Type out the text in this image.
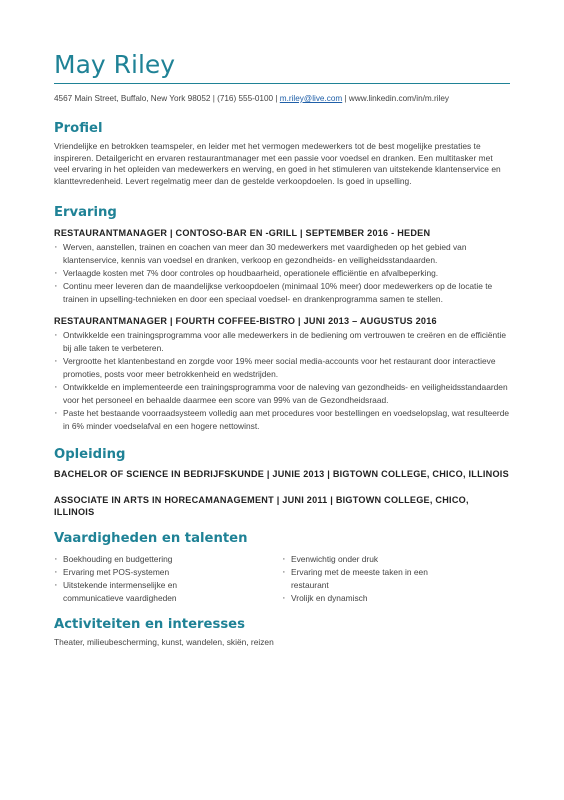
May Riley
4567 Main Street, Buffalo, New York 98052 | (716) 555-0100 | m.riley@live.com | www.linkedin.com/in/m.riley
Profiel
Vriendelijke en betrokken teamspeler, en leider met het vermogen medewerkers tot de best mogelijke prestaties te inspireren. Detailgericht en ervaren restaurantmanager met een passie voor voedsel en dranken. Een multitasker met veel ervaring in het opleiden van medewerkers en werving, en goed in het stimuleren van uitstekende klantenservice en klanttevredenheid. Levert regelmatig meer dan de gestelde verkoopdoelen. Is goed in upselling.
Ervaring
RESTAURANTMANAGER | CONTOSO-BAR EN -GRILL | SEPTEMBER 2016 - HEDEN
· Werven, aanstellen, trainen en coachen van meer dan 30 medewerkers met vaardigheden op het gebied van klantenservice, kennis van voedsel en dranken, verkoop en gezondheids- en veiligheidsstandaarden.
· Verlaagde kosten met 7% door controles op houdbaarheid, operationele efficiëntie en afvalbeperking.
· Continu meer leveren dan de maandelijkse verkoopdoelen (minimaal 10% meer) door medewerkers op de locatie te trainen in upselling-technieken en door een speciaal voedsel- en drankenprogramma samen te stellen.
RESTAURANTMANAGER | FOURTH COFFEE-BISTRO | JUNI 2013 – AUGUSTUS 2016
· Ontwikkelde een trainingsprogramma voor alle medewerkers in de bediening om vertrouwen te creëren en de efficiëntie bij alle taken te verbeteren.
· Vergrootte het klantenbestand en zorgde voor 19% meer social media-accounts voor het restaurant door interactieve promoties, posts voor meer betrokkenheid en wedstrijden.
· Ontwikkelde en implementeerde een trainingsprogramma voor de naleving van gezondheids- en veiligheidsstandaarden voor het personeel en behaalde daarmee een score van 99% van de Gezondheidsraad.
· Paste het bestaande voorraadsysteem volledig aan met procedures voor bestellingen en voedselopslag, wat resulteerde in 6% minder voedselafval en een hogere nettowinst.
Opleiding
BACHELOR OF SCIENCE IN BEDRIJFSKUNDE | JUNIE 2013 | BIGTOWN COLLEGE, CHICO, ILLINOIS
ASSOCIATE IN ARTS IN HORECAMANAGEMENT | JUNI 2011 | BIGTOWN COLLEGE, CHICO, ILLINOIS
Vaardigheden en talenten
· Boekhouding en budgettering
· Ervaring met POS-systemen
· Uitstekende intermenselijke en communicatieve vaardigheden
· Evenwichtig onder druk
· Ervaring met de meeste taken in een restaurant
· Vrolijk en dynamisch
Activiteiten en interesses
Theater, milieubescherming, kunst, wandelen, skiën, reizen
